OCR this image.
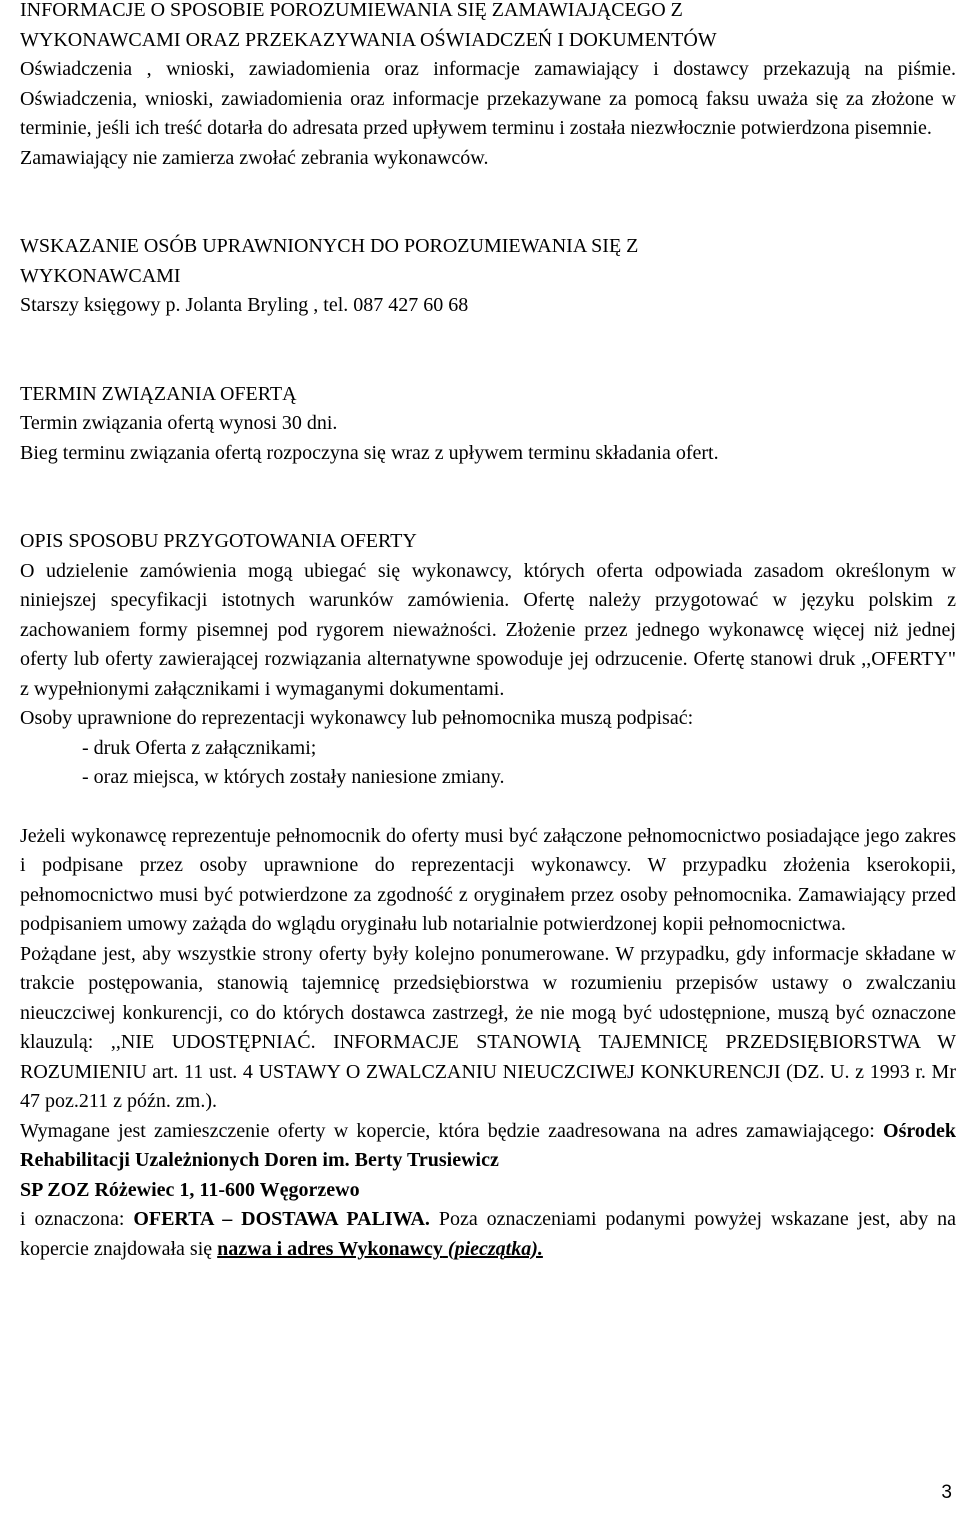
INFORMACJE O SPOSOBIE POROZUMIEWANIA SIĘ ZAMAWIAJĄCEGO Z
WYKONAWCAMI ORAZ PRZEKAZYWANIA OŚWIADCZEŃ I DOKUMENTÓW

Oświadczenia , wnioski, zawiadomienia oraz informacje zamawiający i dostawcy przekazują na piśmie. Oświadczenia, wnioski, zawiadomienia oraz informacje przekazywane za pomocą faksu uważa się za złożone w terminie, jeśli ich treść dotarła do adresata przed upływem terminu i została niezwłocznie potwierdzona pisemnie.

Zamawiający nie zamierza zwołać zebrania wykonawców.

WSKAZANIE OSÓB UPRAWNIONYCH DO POROZUMIEWANIA SIĘ Z
WYKONAWCAMI

Starszy księgowy p. Jolanta Bryling , tel. 087 427 60 68

TERMIN ZWIĄZANIA OFERTĄ

Termin związania ofertą wynosi 30 dni.

Bieg terminu związania ofertą rozpoczyna się wraz z upływem terminu składania ofert.

OPIS SPOSOBU PRZYGOTOWANIA OFERTY

O udzielenie zamówienia mogą ubiegać się wykonawcy, których oferta odpowiada zasadom określonym w niniejszej specyfikacji istotnych warunków zamówienia. Ofertę należy przygotować w języku polskim z zachowaniem formy pisemnej pod rygorem nieważności. Złożenie przez jednego wykonawcę więcej niż jednej oferty lub oferty zawierającej rozwiązania alternatywne spowoduje jej odrzucenie. Ofertę stanowi druk ,,OFERTY" z wypełnionymi załącznikami i wymaganymi dokumentami.

Osoby uprawnione do reprezentacji wykonawcy lub pełnomocnika muszą podpisać:

- druk Oferta z załącznikami;

- oraz miejsca, w których zostały naniesione zmiany.

Jeżeli wykonawcę reprezentuje pełnomocnik do oferty musi być załączone pełnomocnictwo posiadające jego zakres i podpisane przez osoby uprawnione do reprezentacji wykonawcy. W przypadku złożenia kserokopii, pełnomocnictwo musi być potwierdzone za zgodność z oryginałem przez osoby pełnomocnika. Zamawiający przed podpisaniem umowy zażąda do wglądu oryginału lub notarialnie potwierdzonej kopii pełnomocnictwa.

Pożądane jest, aby wszystkie strony oferty były kolejno ponumerowane. W przypadku, gdy informacje składane w trakcie postępowania, stanowią tajemnicę przedsiębiorstwa w rozumieniu przepisów ustawy o zwalczaniu nieuczciwej konkurencji, co do których dostawca zastrzegł, że nie mogą być udostępnione, muszą być oznaczone klauzulą: ,,NIE UDOSTĘPNIAĆ. INFORMACJE STANOWIĄ TAJEMNICĘ PRZEDSIĘBIORSTWA W ROZUMIENIU art. 11 ust. 4 USTAWY O ZWALCZANIU NIEUCZCIWEJ KONKURENCJI (DZ. U. z 1993 r. Mr 47 poz.211 z późn. zm.).

Wymagane jest zamieszczenie oferty w kopercie, która będzie zaadresowana na adres zamawiającego: Ośrodek Rehabilitacji Uzależnionych Doren im. Berty Trusiewicz
SP ZOZ Różewiec 1, 11-600 Węgorzewo

i oznaczona: OFERTA – DOSTAWA PALIWA. Poza oznaczeniami podanymi powyżej wskazane jest, aby na kopercie znajdowała się nazwa i adres Wykonawcy (pieczątka).

3
